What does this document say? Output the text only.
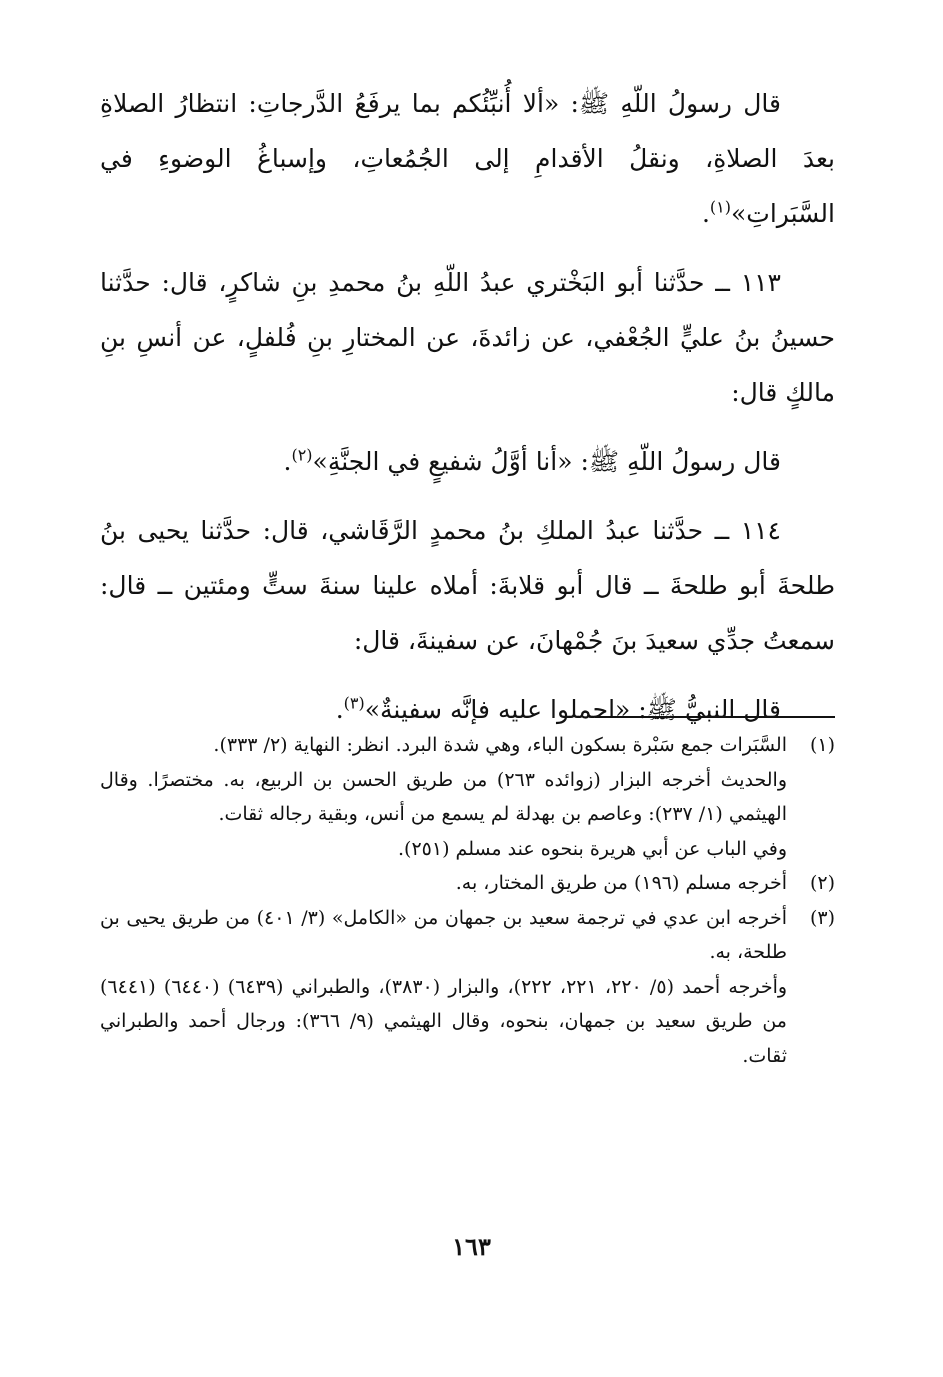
قال رسولُ اللّهِ ﷺ: «ألا أُنبِّئُكم بما يرفَعُ الدَّرجاتِ: انتظارُ الصلاةِ بعدَ الصلاةِ، ونقلُ الأقدامِ إلى الجُمُعاتِ، وإسباغُ الوضوءِ في السَّبَراتِ»$^{(١)}$.

١١٣ ــ حدَّثنا أبو البَخْتري عبدُ اللّهِ بنُ محمدِ بنِ شاكرٍ، قال: حدَّثنا حسينُ بنُ عليٍّ الجُعْفي، عن زائدةَ، عن المختارِ بنِ فُلفلٍ، عن أنسِ بنِ مالكٍ قال:

قال رسولُ اللّهِ ﷺ: «أنا أوَّلُ شفيعٍ في الجنَّةِ»$^{(٢)}$.

١١٤ ــ حدَّثنا عبدُ الملكِ بنُ محمدٍ الرَّقَاشي، قال: حدَّثنا يحيى بنُ طلحةَ أبو طلحةَ ــ قال أبو قلابةَ: أملاه علينا سنةَ ستٍّ ومئتين ــ قال: سمعتُ جدِّي سعيدَ بنَ جُمْهانَ، عن سفينةَ، قال:

قال النبيُّ ﷺ: «احملوا عليه فإنَّه سفينةٌ»$^{(٣)}$.

(١)

السَّبَرات جمع سَبْرة بسكون الباء، وهي شدة البرد. انظر: النهاية (٢/ ٣٣٣).

والحديث أخرجه البزار (زوائده ٢٦٣) من طريق الحسن بن الربيع، به. مختصرًا. وقال الهيثمي (١/ ٢٣٧): وعاصم بن بهدلة لم يسمع من أنس، وبقية رجاله ثقات.

وفي الباب عن أبي هريرة بنحوه عند مسلم (٢٥١).

(٢)

أخرجه مسلم (١٩٦) من طريق المختار، به.

(٣)

أخرجه ابن عدي في ترجمة سعيد بن جمهان من «الكامل» (٣/ ٤٠١) من طريق يحيى بن طلحة، به.

وأخرجه أحمد (٥/ ٢٢٠، ٢٢١، ٢٢٢)، والبزار (٣٨٣٠)، والطبراني (٦٤٣٩) (٦٤٤٠) (٦٤٤١) من طريق سعيد بن جمهان، بنحوه، وقال الهيثمي (٩/ ٣٦٦): ورجال أحمد والطبراني ثقات.

١٦٣
